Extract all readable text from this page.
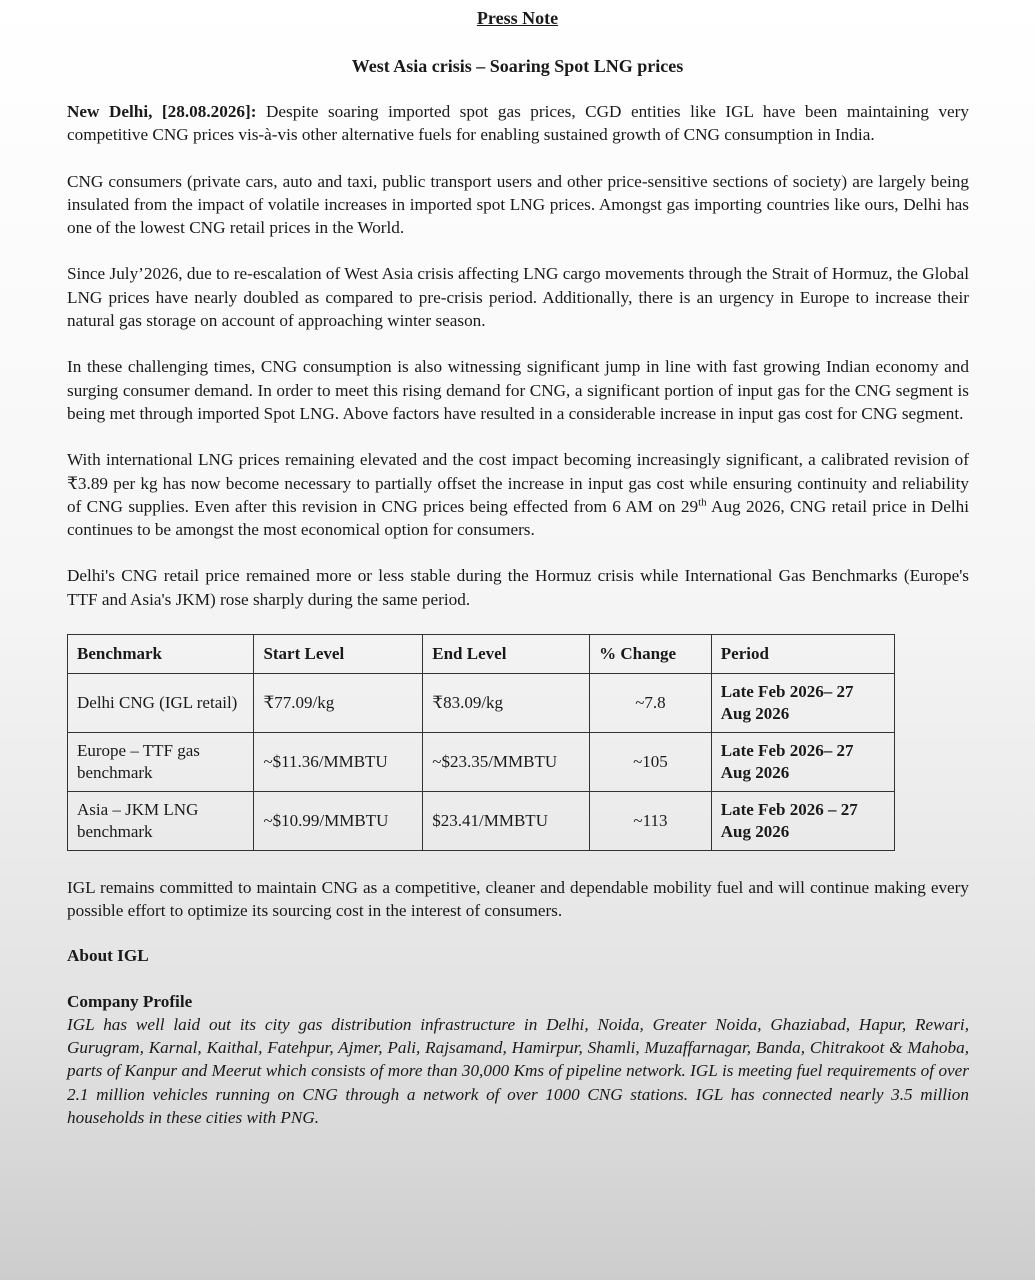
Press Note
West Asia crisis – Soaring Spot LNG prices

New Delhi, [28.08.2026]: Despite soaring imported spot gas prices, CGD entities like IGL have been maintaining very competitive CNG prices vis-à-vis other alternative fuels for enabling sustained growth of CNG consumption in India.

CNG consumers (private cars, auto and taxi, public transport users and other price-sensitive sections of society) are largely being insulated from the impact of volatile increases in imported spot LNG prices. Amongst gas importing countries like ours, Delhi has one of the lowest CNG retail prices in the World.

Since July’2026, due to re-escalation of West Asia crisis affecting LNG cargo movements through the Strait of Hormuz, the Global LNG prices have nearly doubled as compared to pre-crisis period. Additionally, there is an urgency in Europe to increase their natural gas storage on account of approaching winter season.

In these challenging times, CNG consumption is also witnessing significant jump in line with fast growing Indian economy and surging consumer demand. In order to meet this rising demand for CNG, a significant portion of input gas for the CNG segment is being met through imported Spot LNG. Above factors have resulted in a considerable increase in input gas cost for CNG segment.

With international LNG prices remaining elevated and the cost impact becoming increasingly significant, a calibrated revision of ₹3.89 per kg has now become necessary to partially offset the increase in input gas cost while ensuring continuity and reliability of CNG supplies. Even after this revision in CNG prices being effected from 6 AM on 29th Aug 2026, CNG retail price in Delhi continues to be amongst the most economical option for consumers.

Delhi's CNG retail price remained more or less stable during the Hormuz crisis while International Gas Benchmarks (Europe's TTF and Asia's JKM) rose sharply during the same period.

Benchmark	Start Level	End Level	% Change	Period
Delhi CNG (IGL retail)	₹77.09/kg	₹83.09/kg	~7.8	Late Feb 2026– 27 Aug 2026
Europe – TTF gas benchmark	~$11.36/MMBTU	~$23.35/MMBTU	~105	Late Feb 2026– 27 Aug 2026
Asia – JKM LNG benchmark	~$10.99/MMBTU	$23.41/MMBTU	~113	Late Feb 2026 – 27 Aug 2026

IGL remains committed to maintain CNG as a competitive, cleaner and dependable mobility fuel and will continue making every possible effort to optimize its sourcing cost in the interest of consumers.

About IGL

Company Profile

IGL has well laid out its city gas distribution infrastructure in Delhi, Noida, Greater Noida, Ghaziabad, Hapur, Rewari, Gurugram, Karnal, Kaithal, Fatehpur, Ajmer, Pali, Rajsamand, Hamirpur, Shamli, Muzaffarnagar, Banda, Chitrakoot & Mahoba, parts of Kanpur and Meerut which consists of more than 30,000 Kms of pipeline network. IGL is meeting fuel requirements of over 2.1 million vehicles running on CNG through a network of over 1000 CNG stations. IGL has connected nearly 3.5 million households in these cities with PNG.
